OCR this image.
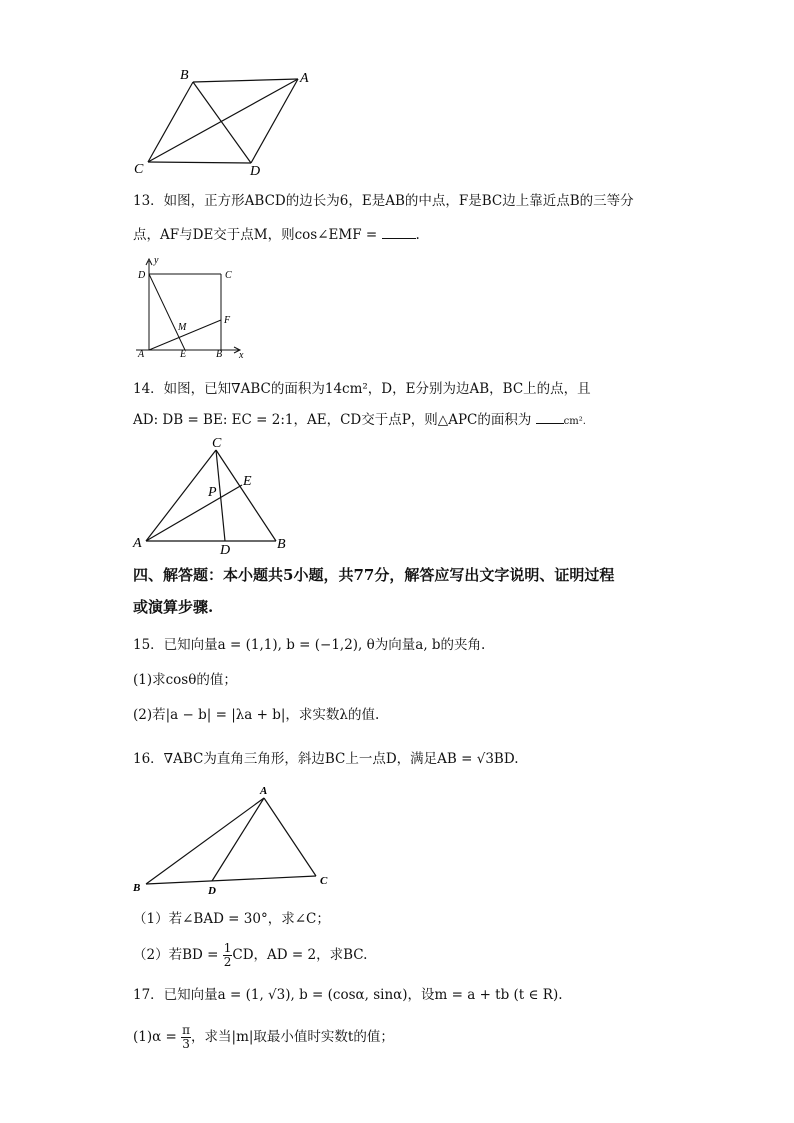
B	A
C	D
13．如图，正方形ABCD的边长为6，E是AB的中点，F是BC边上靠近点B的三等分
点，AF与DE交于点M，则cos∠EMF =	.
y
D	C
F
M
A	E	B x
14．如图，已知∇ABC的面积为14cm²，D，E分别为边AB，BC上的点，且
AD: DB = BE: EC = 2:1，AE，CD交于点P，则△APC的面积为	cm².
C
E
P
A	D	B
四、解答题：本小题共5小题，共77分，解答应写出文字说明、证明过程
或演算步骤.
15．已知向量a = (1,1), b = (−1,2), θ为向量a, b的夹角.
(1)求cosθ的值；
(2)若|a − b| = |λa + b|，求实数λ的值.
16．∇ABC为直角三角形，斜边BC上一点D，满足AB = √3BD.
A
B	D
C
（1）若∠BAD = 30°，求∠C；
（2）若BD = $\frac{1}{2}$ CD，AD = 2，求BC.
17．已知向量a = (1, √3), b = (cosα, sinα)，设m = a + tb (t ∈ R).
$(1)\alpha = \frac{\pi}{3}$ ，求当|m|取最小值时实数t的值；
